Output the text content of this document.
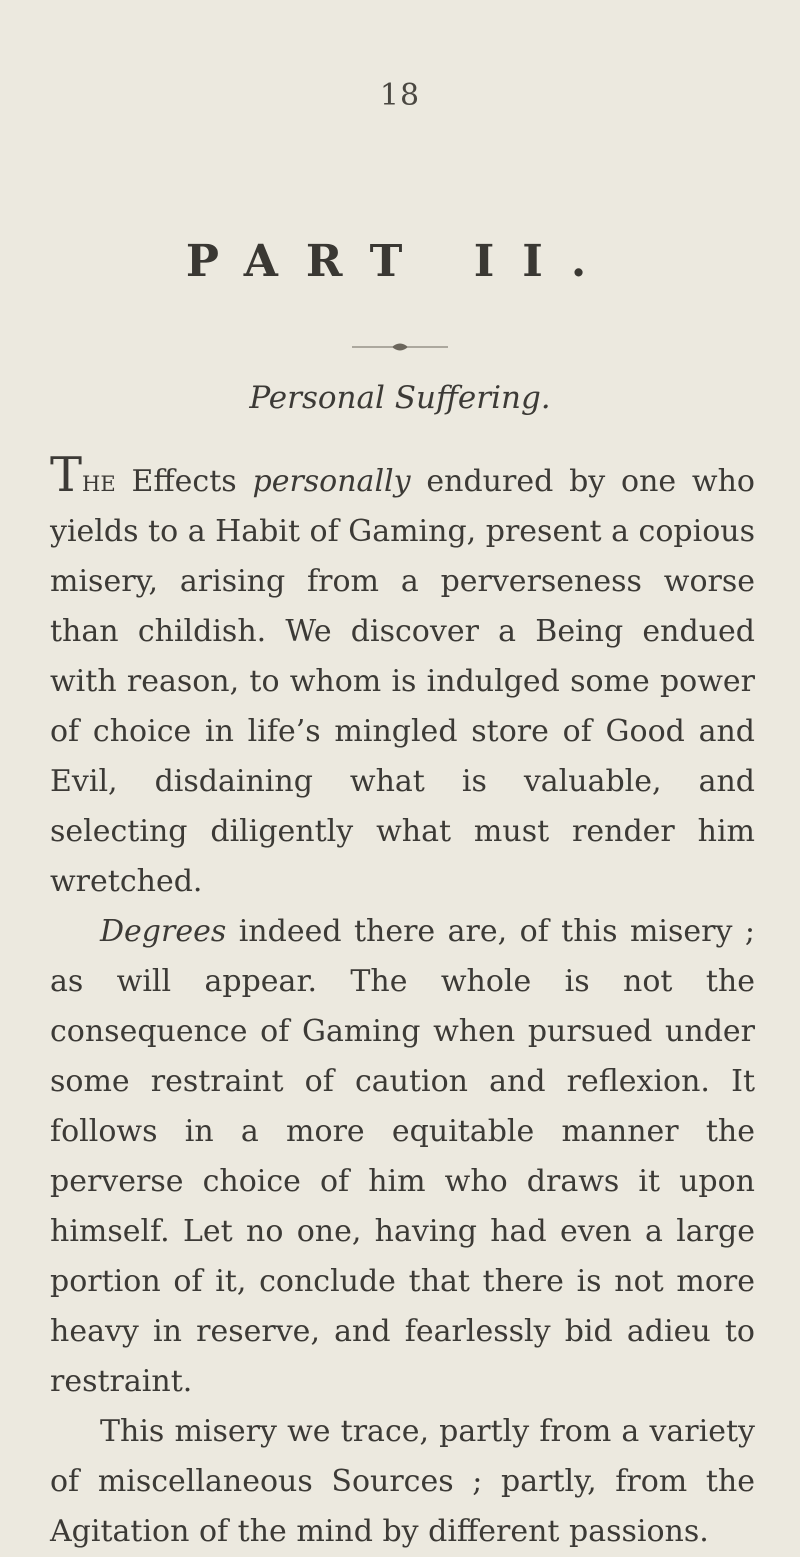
18
PART II.
Personal Suffering.

The Effects personally endured by one who yields to a Habit of Gaming, present a copious misery, arising from a perverseness worse than childish. We discover a Being endued with reason, to whom is indulged some power of choice in life’s mingled store of Good and Evil, disdaining what is valuable, and selecting diligently what must render him wretched.

Degrees indeed there are, of this misery ; as will appear. The whole is not the consequence of Gaming when pursued under some restraint of caution and reflexion. It follows in a more equitable manner the perverse choice of him who draws it upon himself. Let no one, having had even a large portion of it, conclude that there is not more heavy in reserve, and fearlessly bid adieu to restraint.

This misery we trace, partly from a variety of miscellaneous Sources ; partly, from the Agitation of the mind by different passions.
